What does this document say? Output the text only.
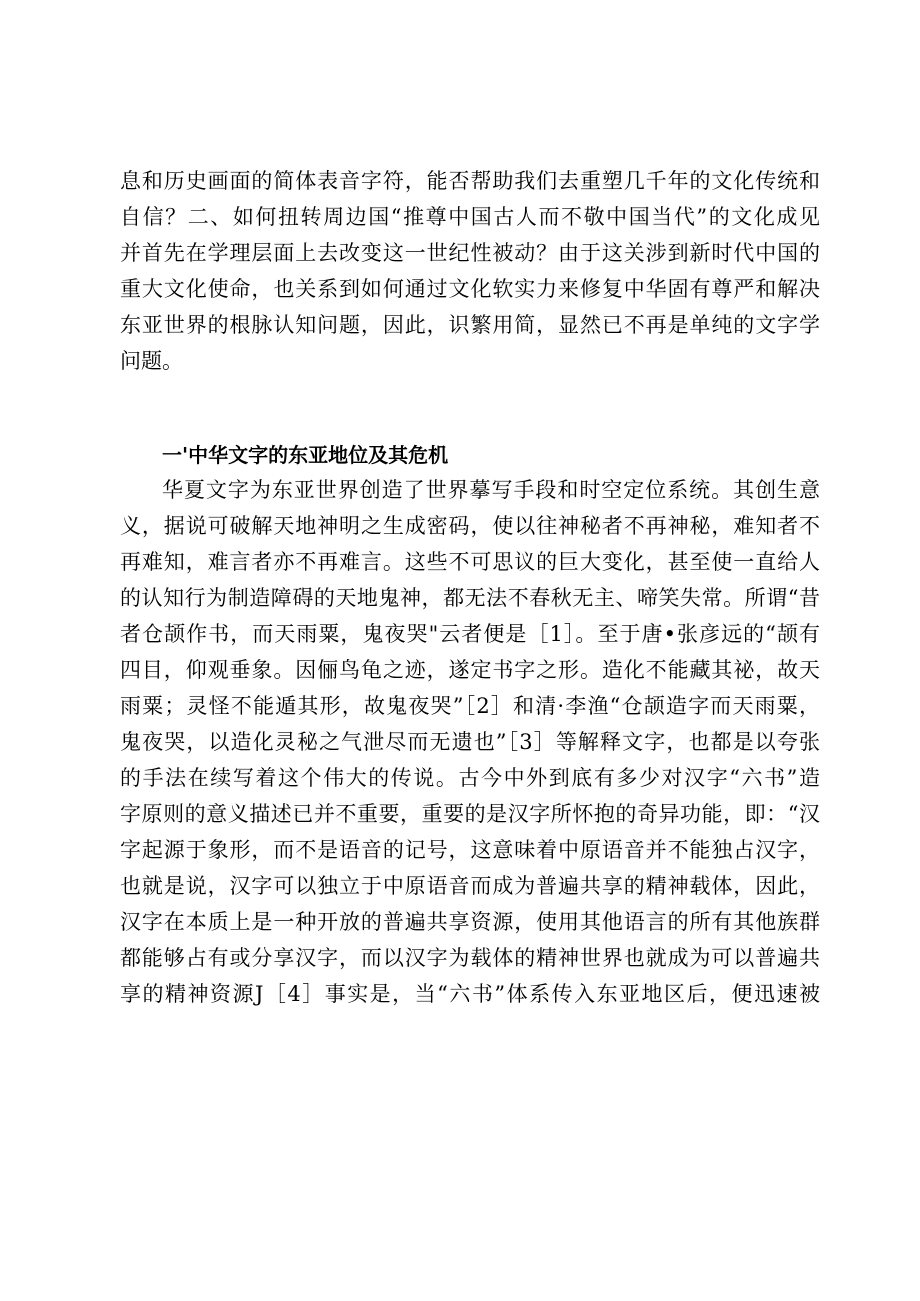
息和历史画面的简体表音字符，能否帮助我们去重塑几千年的文化传统和
自信？二、如何扭转周边国“推尊中国古人而不敬中国当代”的文化成见
并首先在学理层面上去改变这一世纪性被动？由于这关涉到新时代中国的
重大文化使命，也关系到如何通过文化软实力来修复中华固有尊严和解决
东亚世界的根脉认知问题，因此，识繁用简，显然已不再是单纯的文字学
问题。
一'中华文字的东亚地位及其危机
华夏文字为东亚世界创造了世界摹写手段和时空定位系统。其创生意
义，据说可破解天地神明之生成密码，使以往神秘者不再神秘，难知者不
再难知，难言者亦不再难言。这些不可思议的巨大变化，甚至使一直给人
的认知行为制造障碍的天地鬼神，都无法不春秋无主、啼笑失常。所谓“昔
者仓颉作书，而天雨粟，鬼夜哭"云者便是［1］。至于唐•张彦远的“颉有
四目，仰观垂象。因俪鸟龟之迹，遂定书字之形。造化不能藏其祕，故天
雨粟；灵怪不能遁其形，故鬼夜哭”［2］和清·李渔“仓颉造字而天雨粟，
鬼夜哭，以造化灵秘之气泄尽而无遗也”［3］等解释文字，也都是以夸张
的手法在续写着这个伟大的传说。古今中外到底有多少对汉字“六书”造
字原则的意义描述已并不重要，重要的是汉字所怀抱的奇异功能，即：“汉
字起源于象形，而不是语音的记号，这意味着中原语音并不能独占汉字，
也就是说，汉字可以独立于中原语音而成为普遍共享的精神载体，因此，
汉字在本质上是一种开放的普遍共享资源，使用其他语言的所有其他族群
都能够占有或分享汉字，而以汉字为载体的精神世界也就成为可以普遍共
享的精神资源J［4］事实是，当“六书”体系传入东亚地区后，便迅速被
